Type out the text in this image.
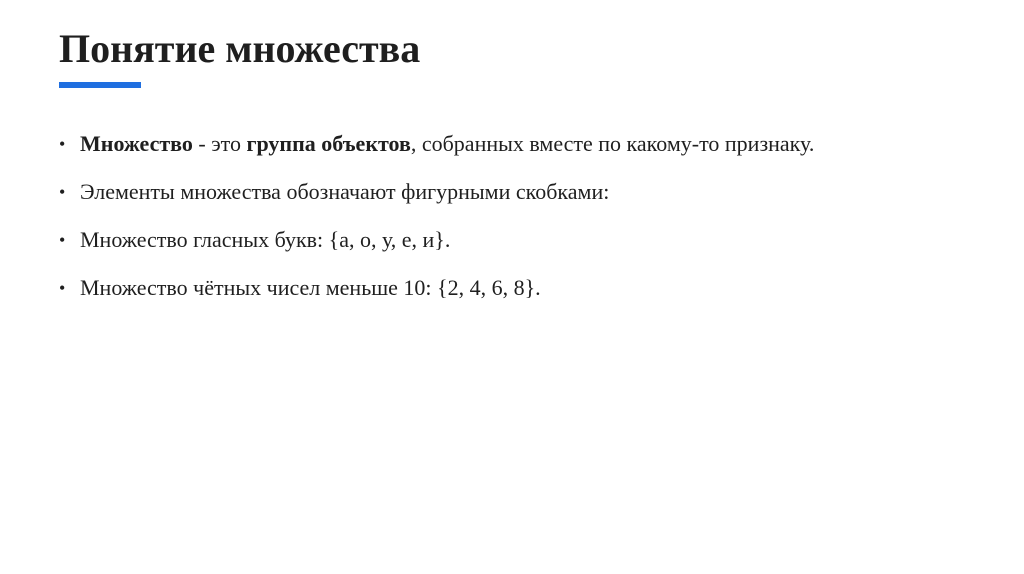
Понятие множества
• Множество - это группа объектов, собранных вместе по какому-то признаку.
• Элементы множества обозначают фигурными скобками:
• Множество гласных букв: {а, о, у, е, и}.
• Множество чётных чисел меньше 10: {2, 4, 6, 8}.
